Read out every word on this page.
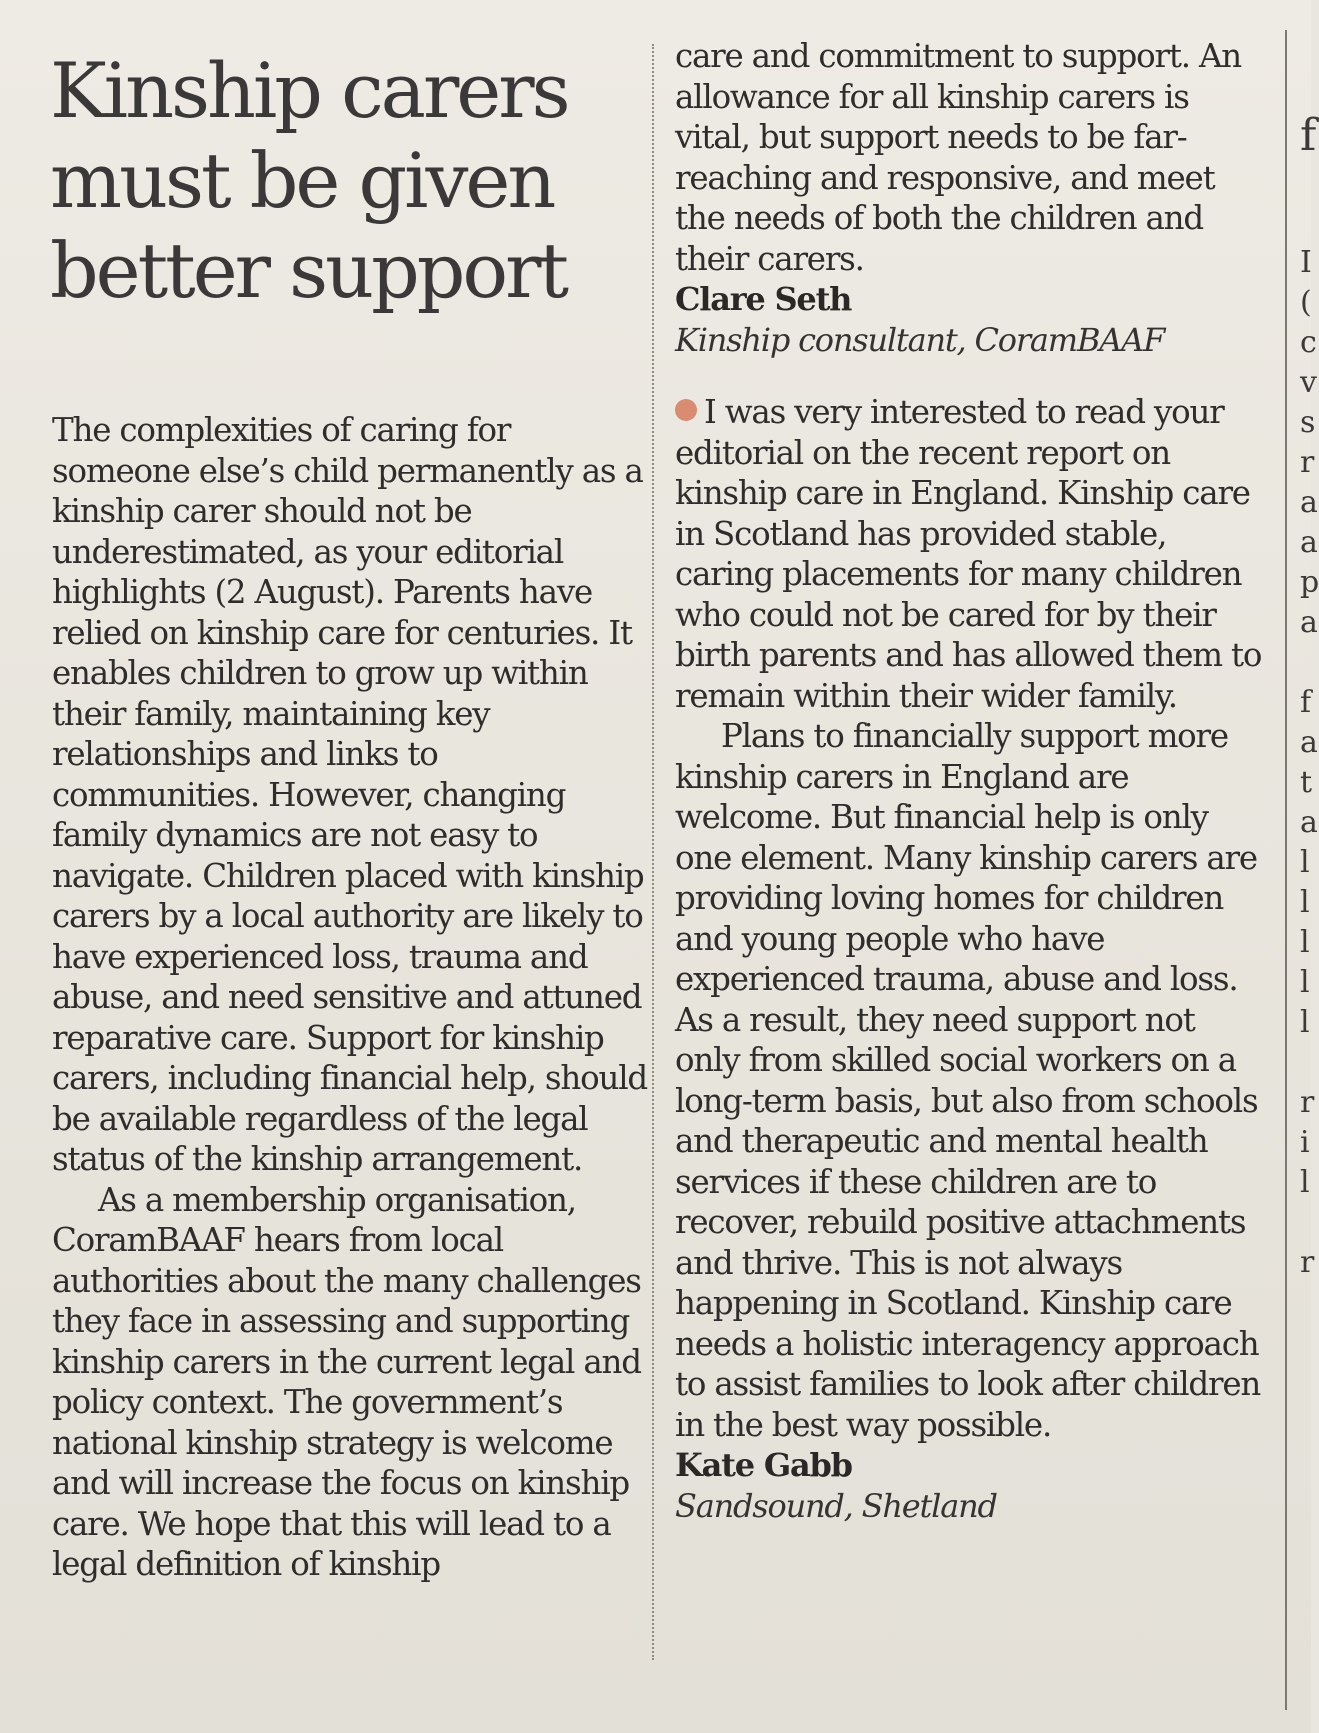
Kinship carers
must be given
better support

The complexities of caring for someone else’s child permanently as a kinship carer should not be underestimated, as your editorial highlights (2 August). Parents have relied on kinship care for centuries. It enables children to grow up within their family, maintaining key relationships and links to communities. However, changing family dynamics are not easy to navigate. Children placed with kinship carers by a local authority are likely to have experienced loss, trauma and abuse, and need sensitive and attuned reparative care. Support for kinship carers, including financial help, should be available regardless of the legal status of the kinship arrangement.

As a membership organisation, CoramBAAF hears from local authorities about the many challenges they face in assessing and supporting kinship carers in the current legal and policy context. The government’s national kinship strategy is welcome and will increase the focus on kinship care. We hope that this will lead to a legal definition of kinship

care and commitment to support. An allowance for all kinship carers is vital, but support needs to be far-reaching and responsive, and meet the needs of both the children and their carers.

Clare Seth
Kinship consultant, CoramBAAF

I was very interested to read your editorial on the recent report on kinship care in England. Kinship care in Scotland has provided stable, caring placements for many children who could not be cared for by their birth parents and has allowed them to remain within their wider family.

Plans to financially support more kinship carers in England are welcome. But financial help is only one element. Many kinship carers are providing loving homes for children and young people who have experienced trauma, abuse and loss. As a result, they need support not only from skilled social workers on a long-term basis, but also from schools and therapeutic and mental health services if these children are to recover, rebuild positive attachments and thrive. This is not always happening in Scotland. Kinship care needs a holistic interagency approach to assist families to look after children in the best way possible.

Kate Gabb
Sandsound, Shetland
f
I
(
c
v
s
r
a
a
p
a
f
a
t
a
l
l
l
l
l
r
i
l
r
